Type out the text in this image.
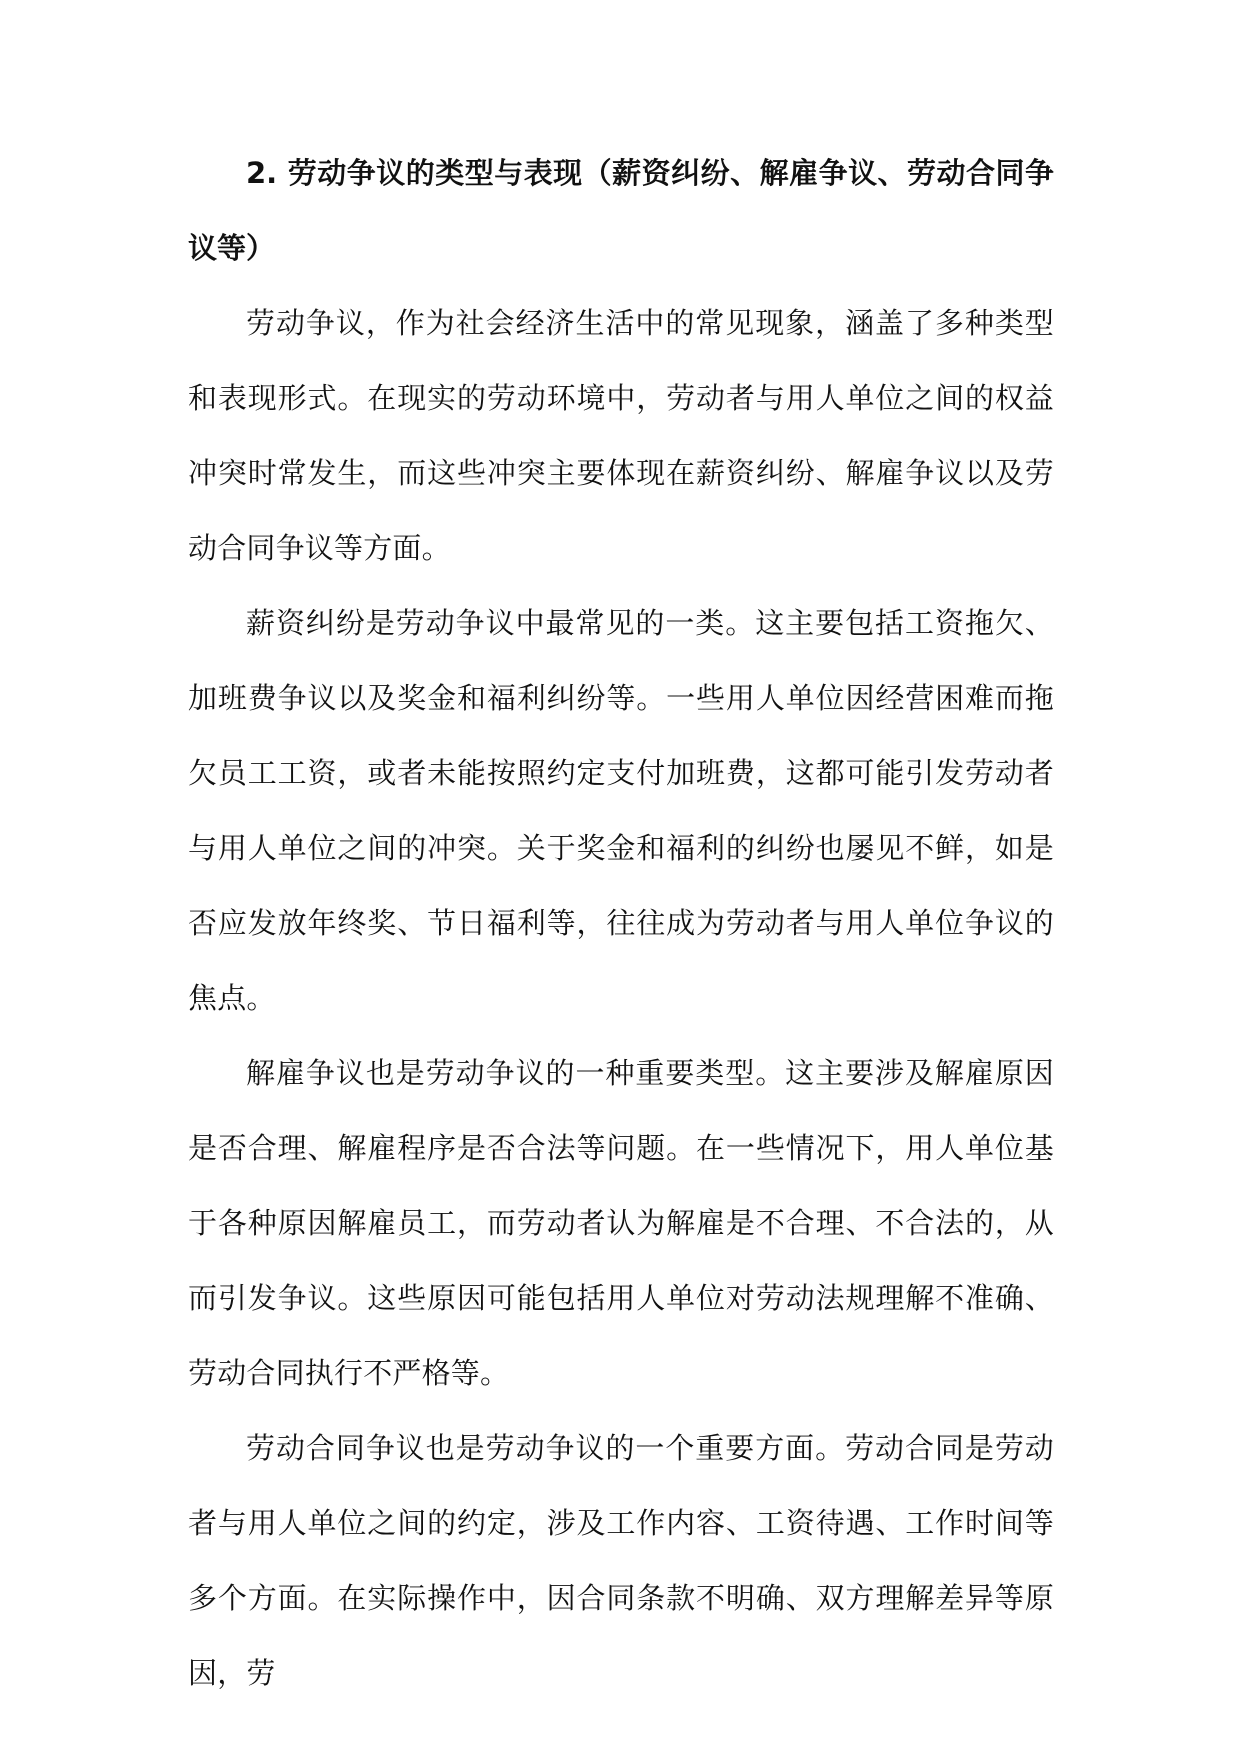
2. 劳动争议的类型与表现（薪资纠纷、解雇争议、劳动合同争议等）

劳动争议，作为社会经济生活中的常见现象，涵盖了多种类型和表现形式。在现实的劳动环境中，劳动者与用人单位之间的权益冲突时常发生，而这些冲突主要体现在薪资纠纷、解雇争议以及劳动合同争议等方面。

薪资纠纷是劳动争议中最常见的一类。这主要包括工资拖欠、加班费争议以及奖金和福利纠纷等。一些用人单位因经营困难而拖欠员工工资，或者未能按照约定支付加班费，这都可能引发劳动者与用人单位之间的冲突。关于奖金和福利的纠纷也屡见不鲜，如是否应发放年终奖、节日福利等，往往成为劳动者与用人单位争议的焦点。

解雇争议也是劳动争议的一种重要类型。这主要涉及解雇原因是否合理、解雇程序是否合法等问题。在一些情况下，用人单位基于各种原因解雇员工，而劳动者认为解雇是不合理、不合法的，从而引发争议。这些原因可能包括用人单位对劳动法规理解不准确、劳动合同执行不严格等。

劳动合同争议也是劳动争议的一个重要方面。劳动合同是劳动者与用人单位之间的约定，涉及工作内容、工资待遇、工作时间等多个方面。在实际操作中，因合同条款不明确、双方理解差异等原因，劳
